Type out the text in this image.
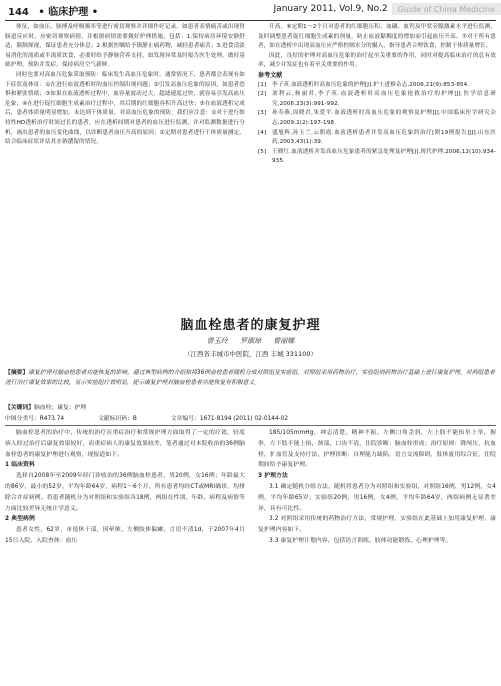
144 • 临床护理 •	January 2011, Vol.9, No.2 Guide of China Medicine

体征，如血压、脉搏及呼吸频率等进行密切观察并详细作好记录，如患者表情痛苦或出现胃肠道反应时，应密切观察病情，并根据病情需要做好护理措施，包括：1.保持病房环境安静舒适，限制探视，保证患者充分休息；2.根据医嘱给予镇静止痛药物，减轻患者痛苦；3.进食清淡易消化的流质或半流质饮食，必要时给予静脉营养支持，如发现异常及时报告医生处理。做好基础护理，预防并发症，保持病房空气新鲜。

同时也要对高血压危象采取预防：临床发生高血压危象时，通常情况下，患者都会表现有如下症状及体征：①在进行血液透析时的血压控制出现问题；②引发高血压危象的原因，如患者恐惧和紧张情绪；③如果在血液透析过程中，血容量波动过大，超滤速度过快，就容易引发高血压危象；④在进行促红细胞生成素治疗过程中，其后期的红细胞容积升高过快；⑤在血液透析完成后，患者体质量明显增加，未达到干体质量，对高血压危象的预防，我们应注意：①对于进行维持性HD透析治疗时间过长的患者，应在透析间期对患者的血压进行监测，并对监测数据进行分析，画出患者的血压变化曲线，以诊断患者血压升高的原因；②定期对患者进行干体质量测定，结合临床症状评估其水钠潴留的情况。

升高。⑥定期1～2个月对患者的红细胞压积、血磷、血钙及甲状旁腺激素水平进行监测，及时调整患者促红细胞生成素的剂量，防止血液黏稠度的增加而引起血压升高。⑦对于所有患者，如在透析中出现高血压应严格控制水分的摄入，指导患者合理饮食，控制干体质量增长。

因此，良好的护理对高血压危象的治疗起至关重要的作用，同时对提高临床治疗的总有效率，减少并发症也有着至关重要的作用。

参考文献
[1]	李子英.血液透析时高血压危象的护理[J].护士进修杂志,2006,21(9):853-854.
[2]	刘利云,杨丽君,李子英.血液透析时高血压危象抢救治疗的护理[J].医学信息研究,2006,23(3):991-992.
[3]	孙寿燕,周晓君,朱爱平.血液透析时高血压危象的观察及护理[J].中国临床医学研究杂志,2009,2(2):197-198.
[4]	盛旭辉,孙玉兰,云朝霞.血液透析患者并发高血压危象的治疗[附19例报告][J].山东医药,2003,43(1):39.
[5]	王晓红.血液透析并发高血压危象患者的紧急处理及护理[J].现代护理,2006,12(10):934-935.
脑血栓患者的康复护理
曾玉玲 罗淑琼 曾丽娜
（江西省丰城市中医院，江西 丰城 331100）
【摘要】康复护理对脑血栓患者功能恢复的影响，通过典型病例的介绍和将36例血栓患者随机分成对照组及实验组，对照组采用药物治疗，实验组则药物治疗基础上进行康复护理，对两组患者进行治疗康复效果的比较，显示实验组疗效明显，提示康复护理对脑血栓患者功能恢复有积极意义。
【关键词】脑血栓；康复；护理
中图分类号：R473.74	文献标识码：B	文章编号：1671-8194 (2011) 02-0144-02

脑血栓患者的治疗中，传统的治疗在重症治疗和常规护理方面取得了一定的疗效，轻度病人经过治疗后康复效果较好，而重症病人的康复效果较差，笔者通过对本院收治的36例脑血栓患者的康复护理进行观察，现报道如下。

1 临床资料

选择自2008年至2009年经门诊收治的36例脑血栓患者，男20例，女16例；年龄最大的86岁，最小的52岁，平均年龄64岁，病程1～6个月，所有患者均经CT或MRI确诊，均排除合并症病例。将患者随机分为对照组和实验组各18例，两组在性别、年龄、病程及病情等方面比较差异无统计学意义。

2 典型病例

患者女性，62岁，市退休干部，因晕厥、左侧肢体偏瘫，言语不清1d，于2007年4月15日入院。入院查体：血压

185/105mmHg，神志清楚，精神不振，左侧口角歪斜，左上肢不能抬举上举，握拳，左下肢不能上抬，颈部、口齿不清，住院诊断：脑血栓形成；治疗原则：降颅压，抗血栓，扩血管及支持疗法，护理诊断：自理能力缺陷，语言交流障碍，肢体废用综合征，住院期间给予康复护理。

3 护理方法

3.1 确定随机分组方法，随机将患者分为对照组和实验组，对照组16例，男12例，女4例，平均年龄65岁；实验组20例，男16例，女4例，平均年龄64岁，两组病例无显著差异，具有可比性。

3.2 对照组采用传统的药物治疗方法，常规护理，实验组在此基础上加用康复护理，康复护理内容如下。

3.3 康复护理计划内容，包括语言训练、肢体功能锻炼、心理护理等。
